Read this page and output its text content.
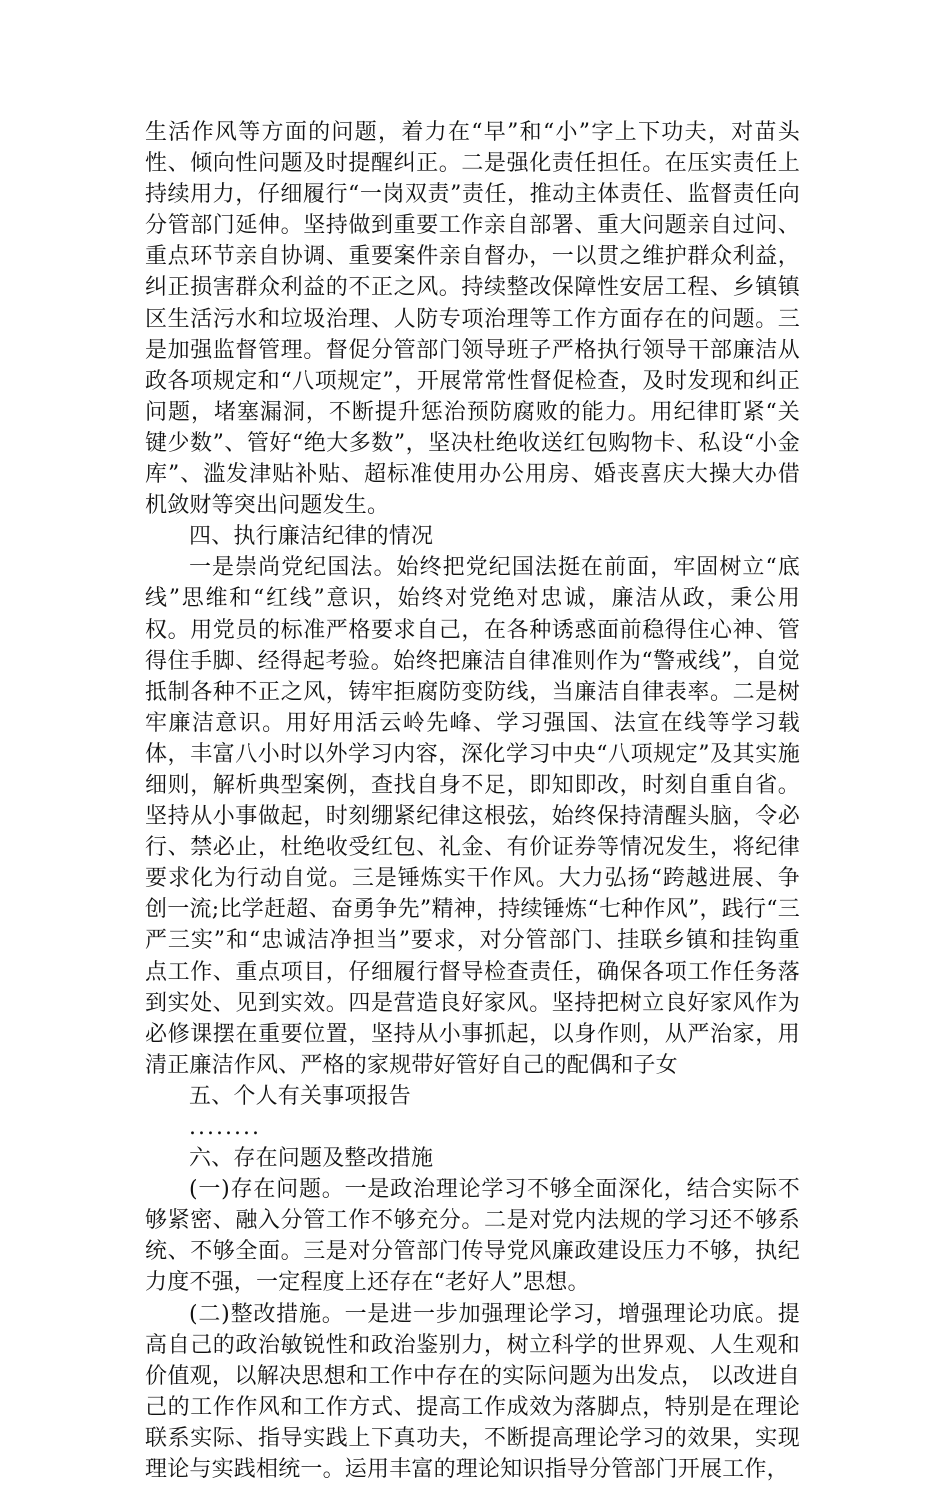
生活作风等方面的问题，着力在“早”和“小”字上下功夫，对苗头性、倾向性问题及时提醒纠正。二是强化责任担任。在压实责任上持续用力，仔细履行“一岗双责”责任，推动主体责任、监督责任向分管部门延伸。坚持做到重要工作亲自部署、重大问题亲自过问、重点环节亲自协调、重要案件亲自督办，一以贯之维护群众利益，纠正损害群众利益的不正之风。持续整改保障性安居工程、乡镇镇区生活污水和垃圾治理、人防专项治理等工作方面存在的问题。三是加强监督管理。督促分管部门领导班子严格执行领导干部廉洁从政各项规定和“八项规定”，开展常常性督促检查，及时发现和纠正问题，堵塞漏洞，不断提升惩治预防腐败的能力。用纪律盯紧“关键少数”、管好“绝大多数”，坚决杜绝收送红包购物卡、私设“小金库”、滥发津贴补贴、超标准使用办公用房、婚丧喜庆大操大办借机敛财等突出问题发生。

四、执行廉洁纪律的情况

一是崇尚党纪国法。始终把党纪国法挺在前面，牢固树立“底线”思维和“红线”意识，始终对党绝对忠诚，廉洁从政，秉公用权。用党员的标准严格要求自己，在各种诱惑面前稳得住心神、管得住手脚、经得起考验。始终把廉洁自律准则作为“警戒线”，自觉抵制各种不正之风，铸牢拒腐防变防线，当廉洁自律表率。二是树牢廉洁意识。用好用活云岭先峰、学习强国、法宣在线等学习载体，丰富八小时以外学习内容，深化学习中央“八项规定”及其实施细则，解析典型案例，查找自身不足，即知即改，时刻自重自省。坚持从小事做起，时刻绷紧纪律这根弦，始终保持清醒头脑，令必行、禁必止，杜绝收受红包、礼金、有价证券等情况发生，将纪律要求化为行动自觉。三是锤炼实干作风。大力弘扬“跨越进展、争创一流;比学赶超、奋勇争先”精神，持续锤炼“七种作风”，践行“三严三实”和“忠诚洁净担当”要求，对分管部门、挂联乡镇和挂钩重点工作、重点项目，仔细履行督导检查责任，确保各项工作任务落到实处、见到实效。四是营造良好家风。坚持把树立良好家风作为必修课摆在重要位置，坚持从小事抓起，以身作则，从严治家，用清正廉洁作风、严格的家规带好管好自己的配偶和子女

五、个人有关事项报告

........

六、存在问题及整改措施

(一)存在问题。一是政治理论学习不够全面深化，结合实际不够紧密、融入分管工作不够充分。二是对党内法规的学习还不够系统、不够全面。三是对分管部门传导党风廉政建设压力不够，执纪力度不强，一定程度上还存在“老好人”思想。

(二)整改措施。一是进一步加强理论学习，增强理论功底。提高自己的政治敏锐性和政治鉴别力，树立科学的世界观、人生观和价值观，以解决思想和工作中存在的实际问题为出发点， 以改进自己的工作作风和工作方式、提高工作成效为落脚点，特别是在理论联系实际、指导实践上下真功夫，不断提高理论学习的效果，实现理论与实践相统一。运用丰富的理论知识指导分管部门开展工作，
